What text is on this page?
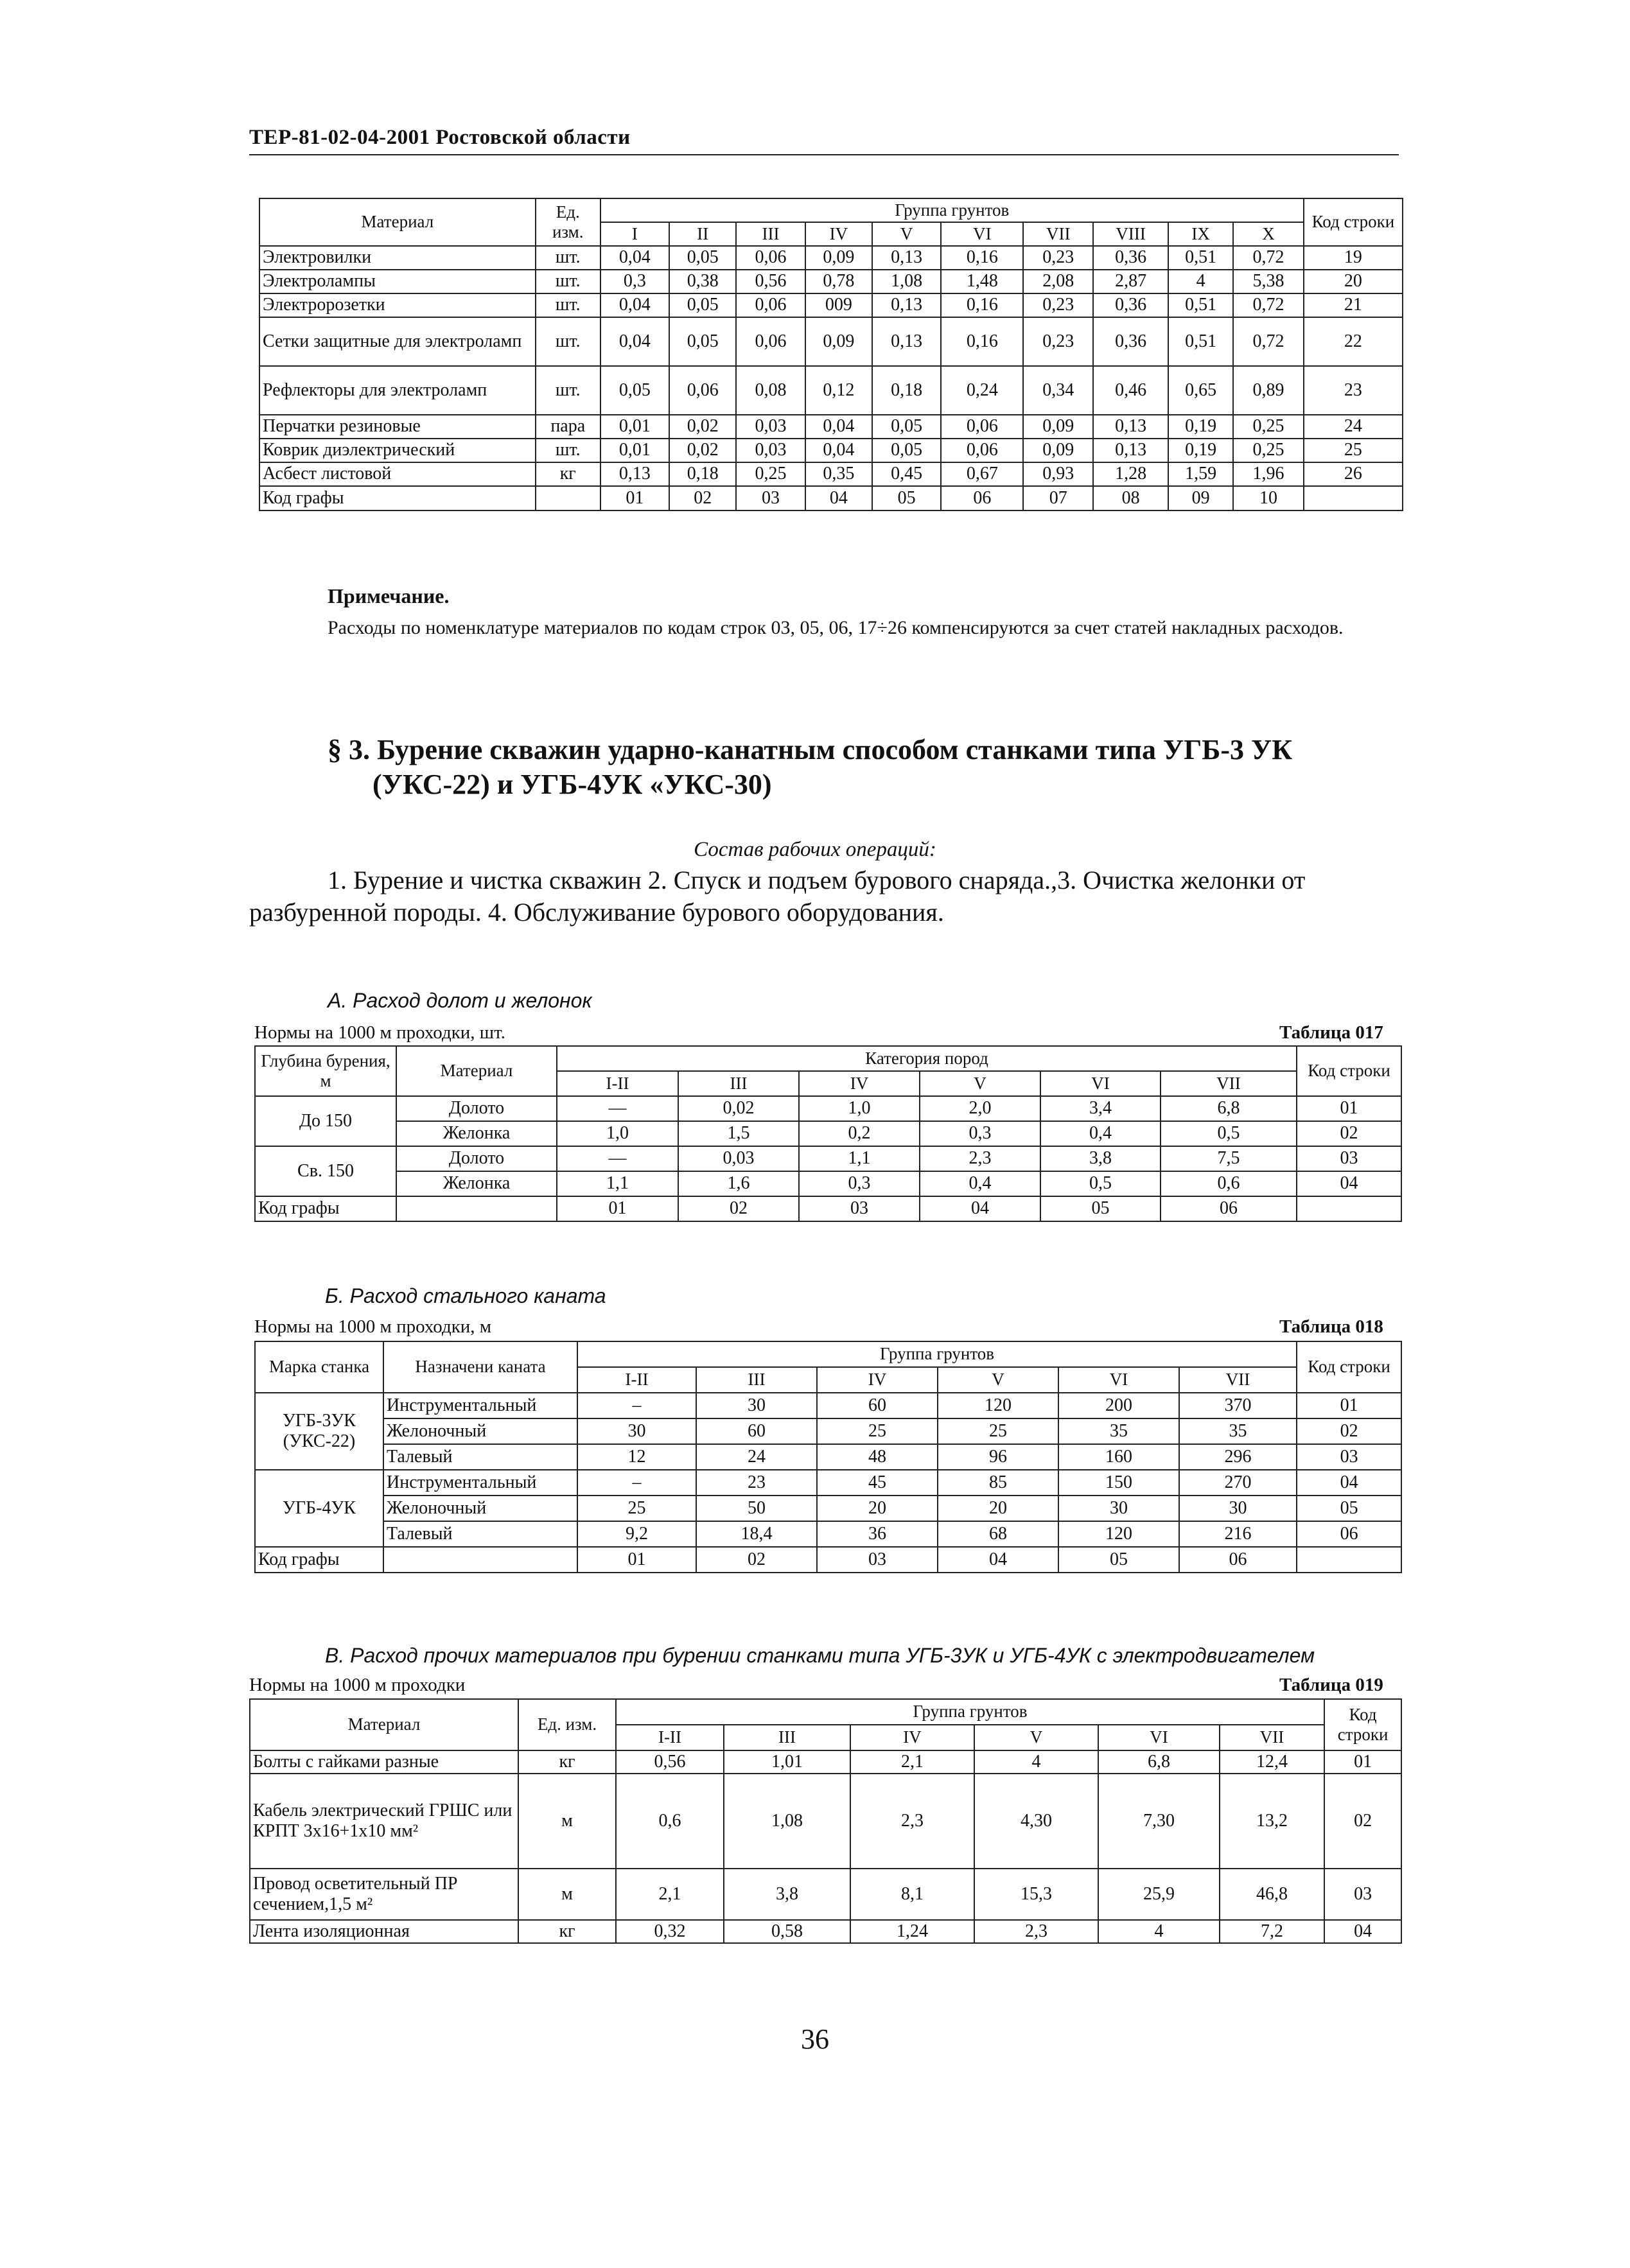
ТЕР-81-02-04-2001 Ростовской области
Материал	Ед. изм.	Группа грунтов										Код строки
		I	II	III	IV	V	VI	VII	VIII	IX	X	
Электровилки	шт.	0,04	0,05	0,06	0,09	0,13	0,16	0,23	0,36	0,51	0,72	19
Электролампы	шт.	0,3	0,38	0,56	0,78	1,08	1,48	2,08	2,87	4	5,38	20
Электророзетки	шт.	0,04	0,05	0,06	009	0,13	0,16	0,23	0,36	0,51	0,72	21
Сетки защитные для электроламп	шт.	0,04	0,05	0,06	0,09	0,13	0,16	0,23	0,36	0,51	0,72	22
Рефлекторы для электроламп	шт.	0,05	0,06	0,08	0,12	0,18	0,24	0,34	0,46	0,65	0,89	23
Перчатки резиновые	пара	0,01	0,02	0,03	0,04	0,05	0,06	0,09	0,13	0,19	0,25	24
Коврик диэлектрический	шт.	0,01	0,02	0,03	0,04	0,05	0,06	0,09	0,13	0,19	0,25	25
Асбест листовой	кг	0,13	0,18	0,25	0,35	0,45	0,67	0,93	1,28	1,59	1,96	26
Код графы		01	02	03	04	05	06	07	08	09	10	
Примечание.
Расходы по номенклатуре материалов по кодам строк 03, 05, 06, 17÷26 компенсируются за счет статей накладных расходов.
§ 3. Бурение скважин ударно-канатным способом станками типа УГБ-3 УК
(УКС-22) и УГБ-4УК «УКС-30)
Состав рабочих операций:
1. Бурение и чистка скважин 2. Спуск и подъем бурового снаряда.,3. Очистка желонки от разбуренной породы. 4. Обслуживание бурового оборудования.
А. Расход долот и желонок
Нормы на 1000 м проходки, шт.	Таблица 017
Глубина бурения, м	Материал	Категория пород						Код строки
		I-II	III	IV	V	VI	VII	
До 150	Долото	—	0,02	1,0	2,0	3,4	6,8	01
	Желонка	1,0	1,5	0,2	0,3	0,4	0,5	02
Св. 150	Долото	—	0,03	1,1	2,3	3,8	7,5	03
	Желонка	1,1	1,6	0,3	0,4	0,5	0,6	04
Код графы		01	02	03	04	05	06	
Б. Расход стального каната
Нормы на 1000 м проходки, м	Таблица 018
Марка станка	Назначени каната	Группа грунтов						Код строки
		I-II	III	IV	V	VI	VII	
УГБ-3УК (УКС-22)	Инструментальный	–	30	60	120	200	370	01
	Желоночный	30	60	25	25	35	35	02
	Талевый	12	24	48	96	160	296	03
УГБ-4УК	Инструментальный	–	23	45	85	150	270	04
	Желоночный	25	50	20	20	30	30	05
	Талевый	9,2	18,4	36	68	120	216	06
Код графы		01	02	03	04	05	06	
В. Расход прочих материалов при бурении станками типа УГБ-3УК и УГБ-4УК с электродвигателем
Нормы на 1000 м проходки	Таблица 019
Материал	Ед. изм.	Группа грунтов						Код строки
		I-II	III	IV	V	VI	VII	
Болты с гайками разные	кг	0,56	1,01	2,1	4	6,8	12,4	01
Кабель электрический ГРШС или КРПТ 3х16+1х10 мм²	м	0,6	1,08	2,3	4,30	7,30	13,2	02
Провод осветительный ПР сечением,1,5 м²	м	2,1	3,8	8,1	15,3	25,9	46,8	03
Лента изоляционная	кг	0,32	0,58	1,24	2,3	4	7,2	04
36
